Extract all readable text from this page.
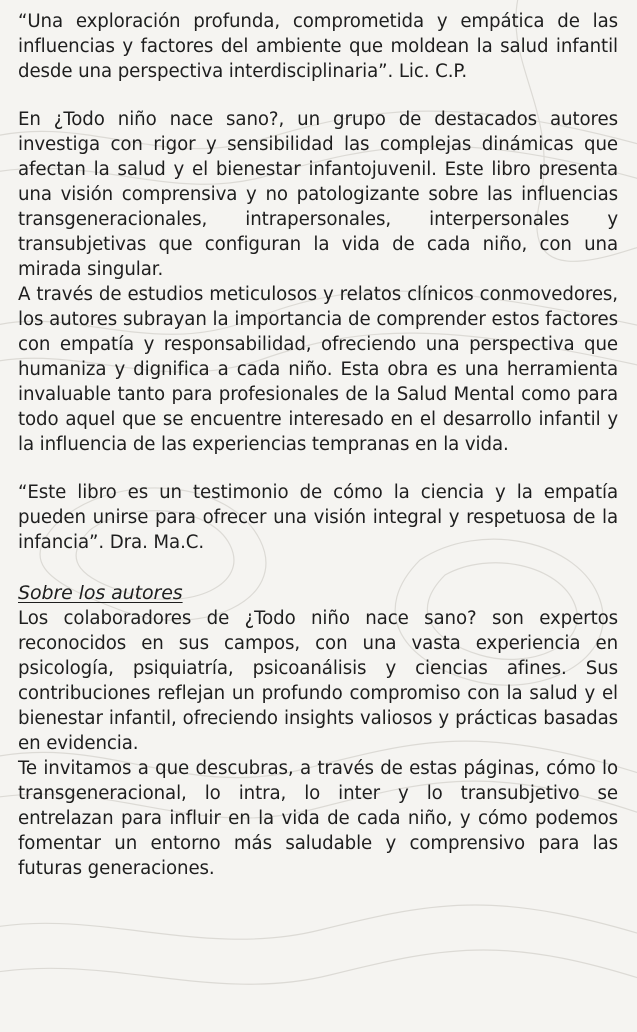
“Una exploración profunda, comprometida y empática de las influencias y factores del ambiente que moldean la salud infantil desde una perspectiva interdisciplinaria”. Lic. C.P.

En ¿Todo niño nace sano?, un grupo de destacados autores investiga con rigor y sensibilidad las complejas dinámicas que afectan la salud y el bienestar infantojuvenil. Este libro presenta una visión comprensiva y no patologizante sobre las influencias transgeneracionales, intrapersonales, interpersonales y transubjetivas que configuran la vida de cada niño, con una mirada singular.

A través de estudios meticulosos y relatos clínicos conmovedores, los autores subrayan la importancia de comprender estos factores con empatía y responsabilidad, ofreciendo una perspectiva que humaniza y dignifica a cada niño. Esta obra es una herramienta invaluable tanto para profesionales de la Salud Mental como para todo aquel que se encuentre interesado en el desarrollo infantil y la influencia de las experiencias tempranas en la vida.

“Este libro es un testimonio de cómo la ciencia y la empatía pueden unirse para ofrecer una visión integral y respetuosa de la infancia”. Dra. Ma.C.

Sobre los autores

Los colaboradores de ¿Todo niño nace sano? son expertos reconocidos en sus campos, con una vasta experiencia en psicología, psiquiatría, psicoanálisis y ciencias afines. Sus contribuciones reflejan un profundo compromiso con la salud y el bienestar infantil, ofreciendo insights valiosos y prácticas basadas en evidencia.

Te invitamos a que descubras, a través de estas páginas, cómo lo transgeneracional, lo intra, lo inter y lo transubjetivo se entrelazan para influir en la vida de cada niño, y cómo podemos fomentar un entorno más saludable y comprensivo para las futuras generaciones.
